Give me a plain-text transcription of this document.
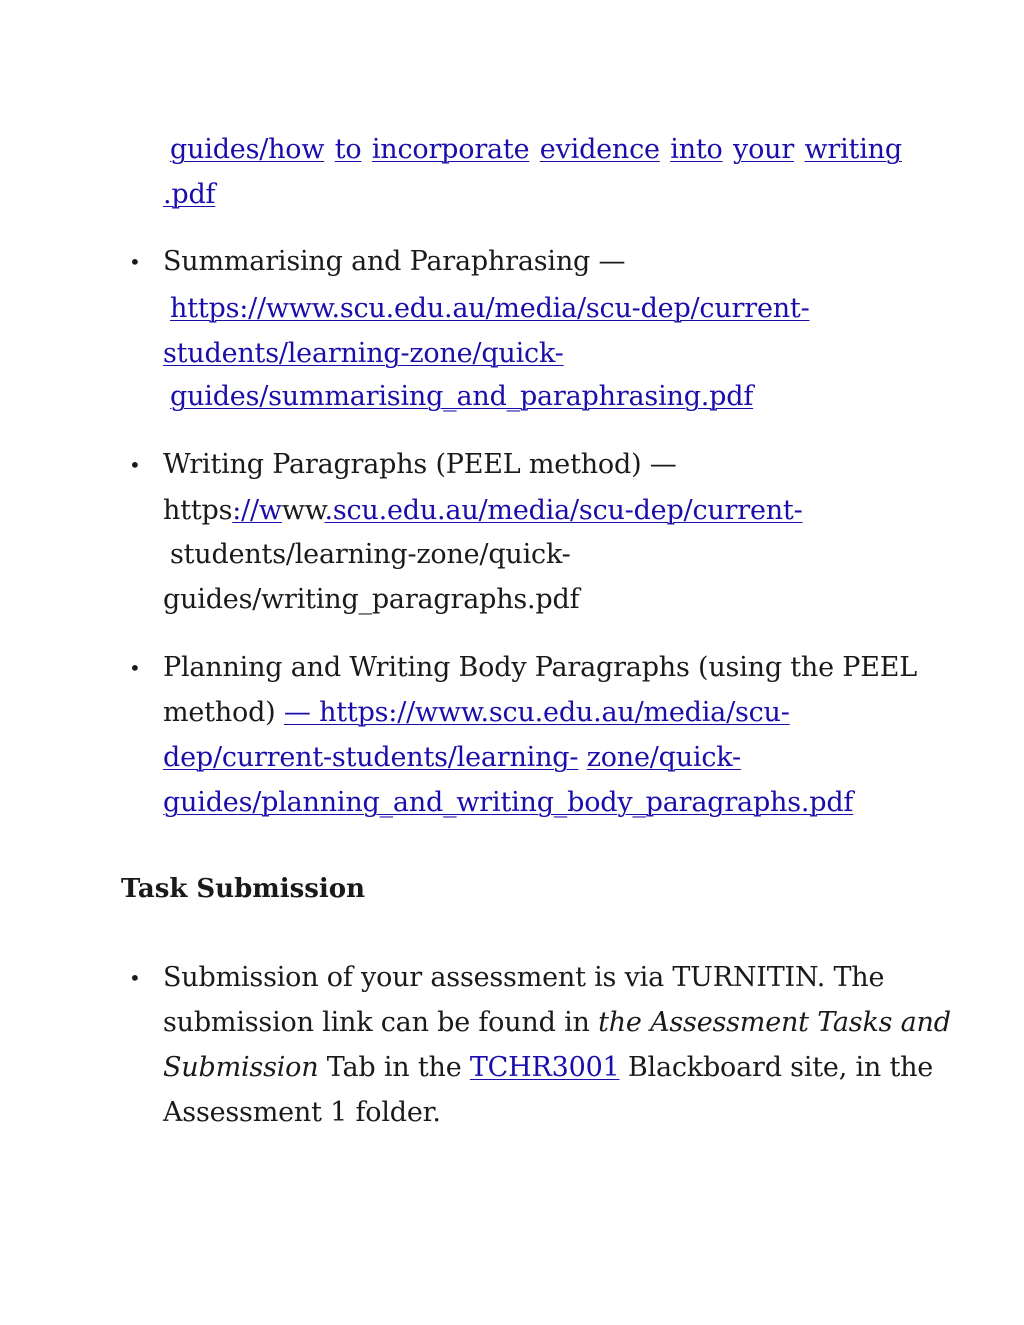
guides/how to incorporate evidence into your writing
.pdf
• Summarising and Paraphrasing —
https://www.scu.edu.au/media/scu-dep/current-
students/learning-zone/quick-
guides/summarising_and_paraphrasing.pdf
• Writing Paragraphs (PEEL method) —
https://www.scu.edu.au/media/scu-dep/current-
students/learning-zone/quick-
guides/writing_paragraphs.pdf
• Planning and Writing Body Paragraphs (using the PEEL
method) — https://www.scu.edu.au/media/scu-
dep/current-students/learning- zone/quick-
guides/planning_and_writing_body_paragraphs.pdf
Task Submission
• Submission of your assessment is via TURNITIN. The
submission link can be found in the Assessment Tasks and
Submission Tab in the TCHR3001 Blackboard site, in the
Assessment 1 folder.
